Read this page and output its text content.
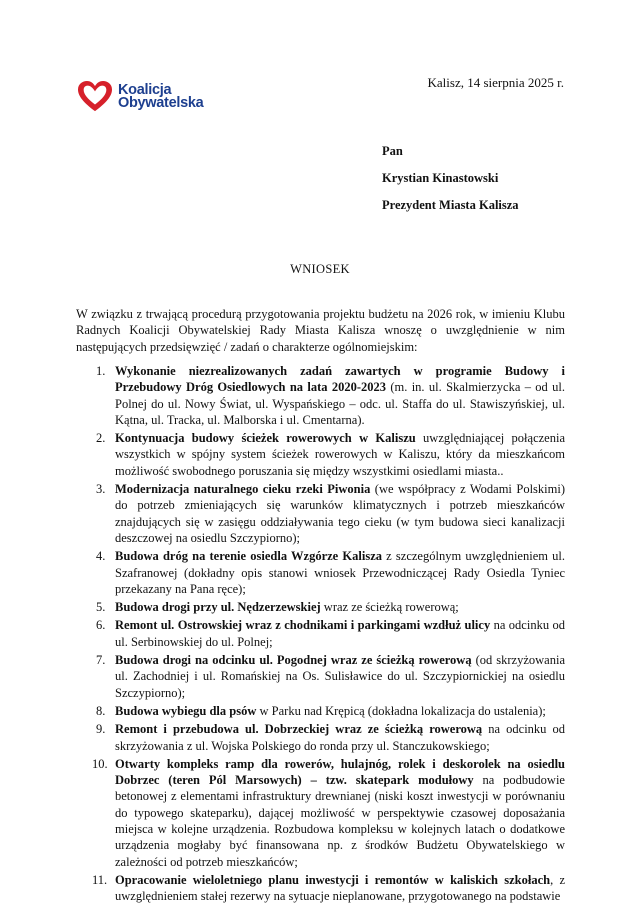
Koalicja
Obywatelska
Kalisz, 14 sierpnia 2025 r.
Pan
Krystian Kinastowski
Prezydent Miasta Kalisza
WNIOSEK
W związku z trwającą procedurą przygotowania projektu budżetu na 2026 rok, w imieniu Klubu Radnych Koalicji Obywatelskiej Rady Miasta Kalisza wnoszę o uwzględnienie w nim następujących przedsięwzięć / zadań o charakterze ogólnomiejskim:
1. Wykonanie niezrealizowanych zadań zawartych w programie Budowy i Przebudowy Dróg Osiedlowych na lata 2020-2023 (m. in. ul. Skalmierzycka – od ul. Polnej do ul. Nowy Świat, ul. Wyspańskiego – odc. ul. Staffa do ul. Stawiszyńskiej, ul. Kątna, ul. Tracka, ul. Malborska i ul. Cmentarna).
2. Kontynuacja budowy ścieżek rowerowych w Kaliszu uwzględniającej połączenia wszystkich w spójny system ścieżek rowerowych w Kaliszu, który da mieszkańcom możliwość swobodnego poruszania się między wszystkimi osiedlami miasta..
3. Modernizacja naturalnego cieku rzeki Piwonia (we współpracy z Wodami Polskimi) do potrzeb zmieniających się warunków klimatycznych i potrzeb mieszkańców znajdujących się w zasięgu oddziaływania tego cieku (w tym budowa sieci kanalizacji deszczowej na osiedlu Szczypiorno);
4. Budowa dróg na terenie osiedla Wzgórze Kalisza z szczególnym uwzględnieniem ul. Szafranowej (dokładny opis stanowi wniosek Przewodniczącej Rady Osiedla Tyniec przekazany na Pana ręce);
5. Budowa drogi przy ul. Nędzerzewskiej wraz ze ścieżką rowerową;
6. Remont ul. Ostrowskiej wraz z chodnikami i parkingami wzdłuż ulicy na odcinku od ul. Serbinowskiej do ul. Polnej;
7. Budowa drogi na odcinku ul. Pogodnej wraz ze ścieżką rowerową (od skrzyżowania ul. Zachodniej i ul. Romańskiej na Os. Sulisławice do ul. Szczypiornickiej na osiedlu Szczypiorno);
8. Budowa wybiegu dla psów w Parku nad Krępicą (dokładna lokalizacja do ustalenia);
9. Remont i przebudowa ul. Dobrzeckiej wraz ze ścieżką rowerową na odcinku od skrzyżowania z ul. Wojska Polskiego do ronda przy ul. Stanczukowskiego;
10. Otwarty kompleks ramp dla rowerów, hulajnóg, rolek i deskorolek na osiedlu Dobrzec (teren Pól Marsowych) – tzw. skatepark modułowy na podbudowie betonowej z elementami infrastruktury drewnianej (niski koszt inwestycji w porównaniu do typowego skateparku), dającej możliwość w perspektywie czasowej doposażania miejsca w kolejne urządzenia. Rozbudowa kompleksu w kolejnych latach o dodatkowe urządzenia mogłaby być finansowana np. z środków Budżetu Obywatelskiego w zależności od potrzeb mieszkańców;
11. Opracowanie wieloletniego planu inwestycji i remontów w kaliskich szkołach, z uwzględnieniem stałej rezerwy na sytuacje nieplanowane, przygotowanego na podstawie
